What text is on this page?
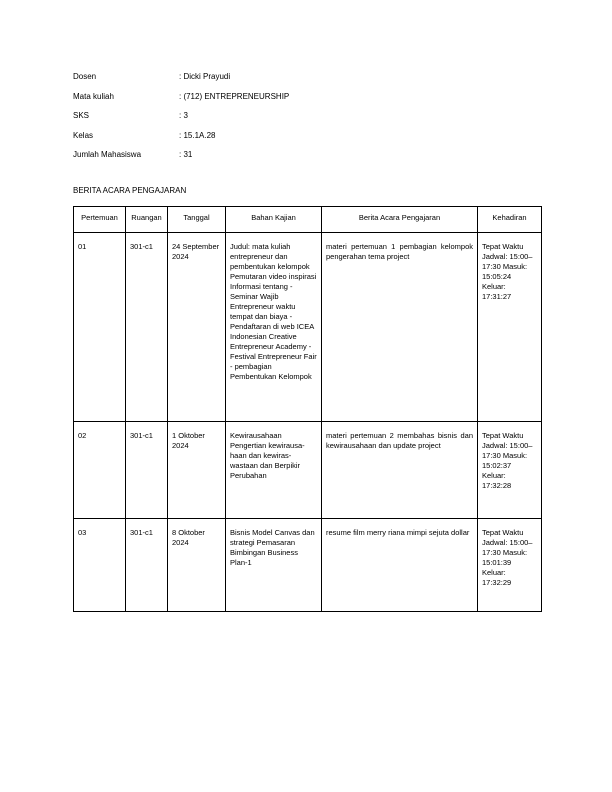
Dosen	: Dicki Prayudi
Mata kuliah	: (712) ENTREPRENEURSHIP
SKS	: 3
Kelas	: 15.1A.28
Jumlah Mahasiswa	: 31
BERITA ACARA PENGAJARAN
Pertemuan	Ruangan	Tanggal	Bahan Kajian	Berita Acara Pengajaran	Kehadiran
01	301-c1	24 September 2024	Judul: mata kuliah entrepreneur dan pembentukan kelompok Pemutaran video inspirasi Informasi tentang - Seminar Wajib Entrepreneur waktu tempat dan biaya - Pendaftaran di web ICEA Indonesian Creative Entrepreneur Academy - Festival Entrepreneur Fair - pembagian Pembentukan Kelompok	materi pertemuan 1 pembagian kelompok pengerahan tema project	Tepat Waktu Jadwal: 15:00–17:30 Masuk: 15:05:24 Keluar: 17:31:27
02	301-c1	1 Oktober 2024	Kewirausahaan Pengertian kewirausa-haan dan kewiras-wastaan dan Berpikir Perubahan	materi pertemuan 2 membahas bisnis dan kewirausahaan dan update project	Tepat Waktu Jadwal: 15:00–17:30 Masuk: 15:02:37 Keluar: 17:32:28
03	301-c1	8 Oktober 2024	Bisnis Model Canvas dan strategi Pemasaran Bimbingan Business Plan-1	resume film merry riana mimpi sejuta dollar	Tepat Waktu Jadwal: 15:00–17:30 Masuk: 15:01:39 Keluar: 17:32:29
